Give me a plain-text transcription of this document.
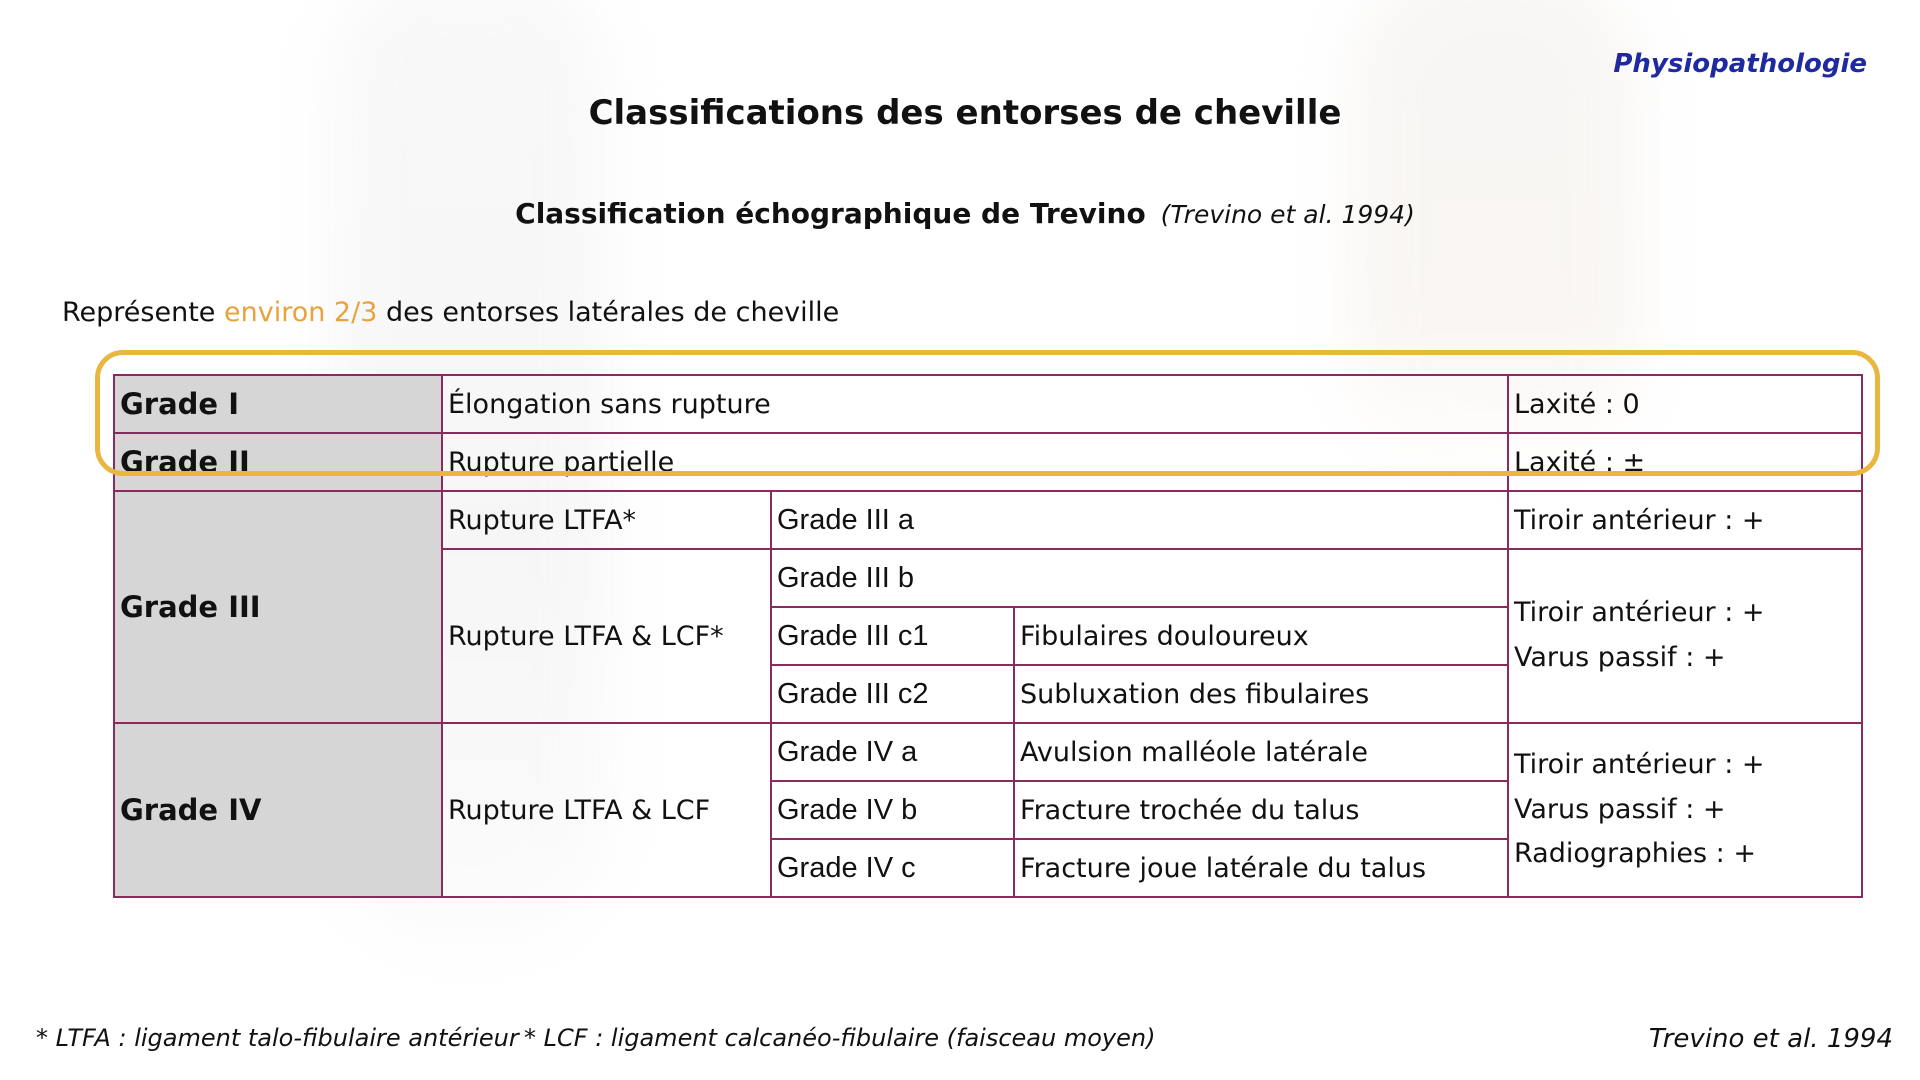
Physiopathologie
Classifications des entorses de cheville
Classification échographique de Trevino (Trevino et al. 1994)
Représente environ 2/3 des entorses latérales de cheville
Grade I	Élongation sans rupture			Laxité : 0
Grade II	Rupture partielle			Laxité : ±
Grade III	Rupture LTFA*	Grade III a		Tiroir antérieur : +
	Rupture LTFA & LCF*	Grade III b		Tiroir antérieur : +
Varus passif : +

		Grade III c1	Fibulaires douloureux	
		Grade III c2	Subluxation des fibulaires	
Grade IV	Rupture LTFA & LCF	Grade IV a	Avulsion malléole latérale	Tiroir antérieur : +
Varus passif : +
Radiographies : +

		Grade IV b	Fracture trochée du talus	
		Grade IV c	Fracture joue latérale du talus	
* LTFA : ligament talo-fibulaire antérieur * LCF : ligament calcanéo-fibulaire (faisceau moyen)	Trevino et al. 1994
